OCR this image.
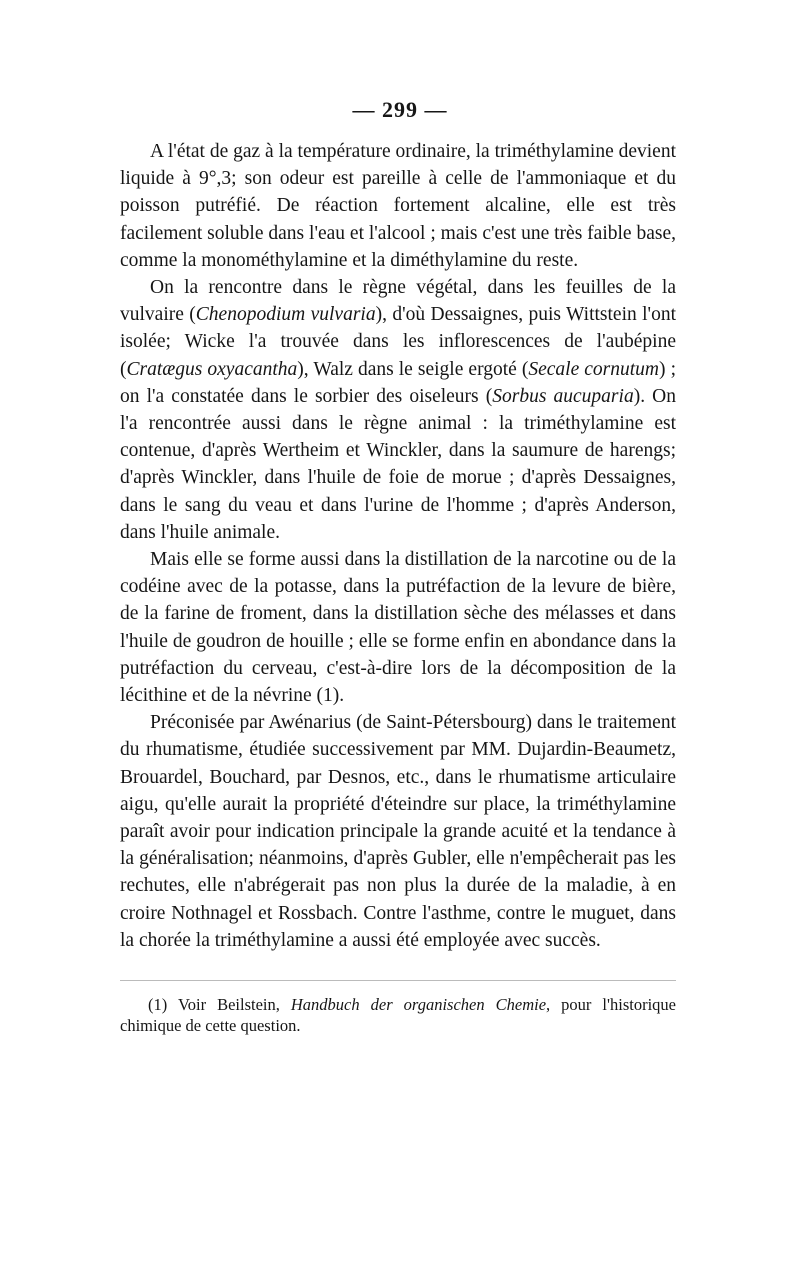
— 299 —

A l'état de gaz à la température ordinaire, la triméthylamine devient liquide à 9°,3; son odeur est pareille à celle de l'ammoniaque et du poisson putréfié. De réaction fortement alcaline, elle est très facilement soluble dans l'eau et l'alcool ; mais c'est une très faible base, comme la monométhylamine et la diméthylamine du reste.

On la rencontre dans le règne végétal, dans les feuilles de la vulvaire (Chenopodium vulvaria), d'où Dessaignes, puis Wittstein l'ont isolée; Wicke l'a trouvée dans les inflorescences de l'aubépine (Cratægus oxyacantha), Walz dans le seigle ergoté (Secale cornutum) ; on l'a constatée dans le sorbier des oiseleurs (Sorbus aucuparia). On l'a rencontrée aussi dans le règne animal : la triméthylamine est contenue, d'après Wertheim et Winckler, dans la saumure de harengs; d'après Winckler, dans l'huile de foie de morue ; d'après Dessaignes, dans le sang du veau et dans l'urine de l'homme ; d'après Anderson, dans l'huile animale.

Mais elle se forme aussi dans la distillation de la narcotine ou de la codéine avec de la potasse, dans la putréfaction de la levure de bière, de la farine de froment, dans la distillation sèche des mélasses et dans l'huile de goudron de houille ; elle se forme enfin en abondance dans la putréfaction du cerveau, c'est-à-dire lors de la décomposition de la lécithine et de la névrine (1).

Préconisée par Awénarius (de Saint-Pétersbourg) dans le traitement du rhumatisme, étudiée successivement par MM. Dujardin-Beaumetz, Brouardel, Bouchard, par Desnos, etc., dans le rhumatisme articulaire aigu, qu'elle aurait la propriété d'éteindre sur place, la triméthylamine paraît avoir pour indication principale la grande acuité et la tendance à la généralisation; néanmoins, d'après Gubler, elle n'empêcherait pas les rechutes, elle n'abrégerait pas non plus la durée de la maladie, à en croire Nothnagel et Rossbach. Contre l'asthme, contre le muguet, dans la chorée la triméthylamine a aussi été employée avec succès.

(1) Voir Beilstein, Handbuch der organischen Chemie, pour l'historique chimique de cette question.
